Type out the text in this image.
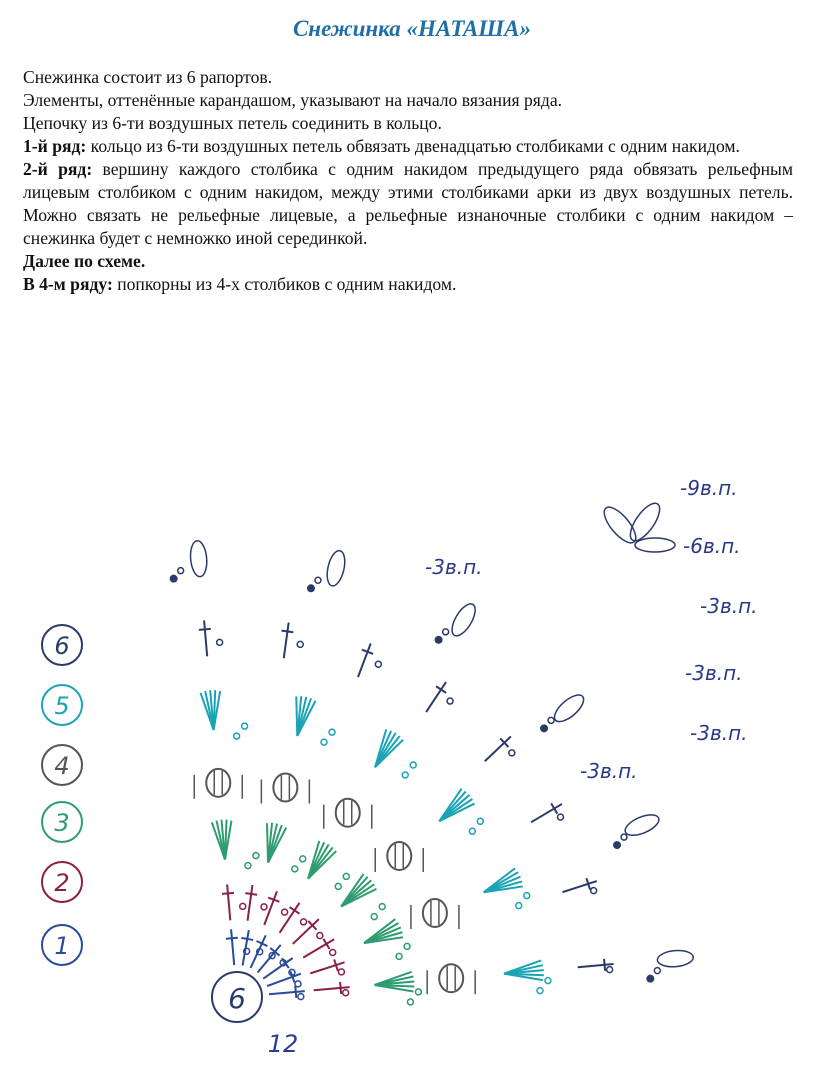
Снежинка «НАТАША»

Снежинка состоит из 6 рапортов.

Элементы, оттенённые карандашом, указывают на начало вязания ряда.

Цепочку из 6-ти воздушных петель соединить в кольцо.

1-й ряд: кольцо из 6-ти воздушных петель обвязать двенадцатью столбиками с одним накидом.

2-й ряд: вершину каждого столбика с одним накидом предыдущего ряда обвязать рельефным лицевым столбиком с одним накидом, между этими столбиками арки из двух воздушных петель. Можно связать не рельефные лицевые, а рельефные изнаночные столбики с одним накидом – снежинка будет с немножко иной серединкой.

Далее по схеме.

В 4-м ряду: попкорны из 4-х столбиков с одним накидом.

6
5
4
3
2
1
6
12
-9в.п.
-6в.п.
-3в.п.
-3в.п.
-3в.п.
-3в.п.
-3в.п.
